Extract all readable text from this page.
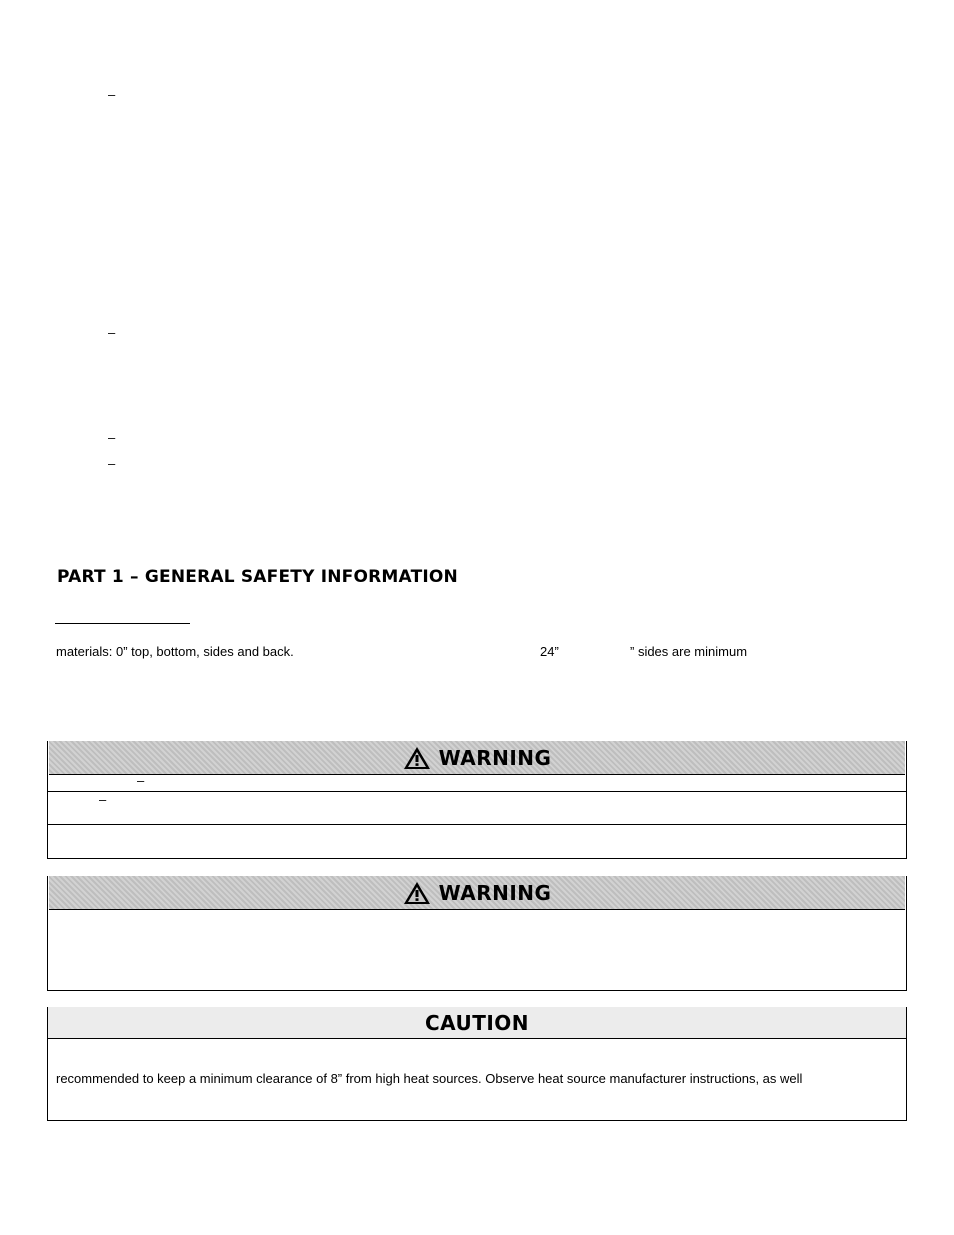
–
–
–
–
PART 1 – GENERAL SAFETY INFORMATION
materials: 0” top, bottom, sides and back.	24”	” sides are minimum
WARNING
–
–
WARNING
CAUTION
recommended to keep a minimum clearance of 8” from high heat sources. Observe heat source manufacturer instructions, as well
